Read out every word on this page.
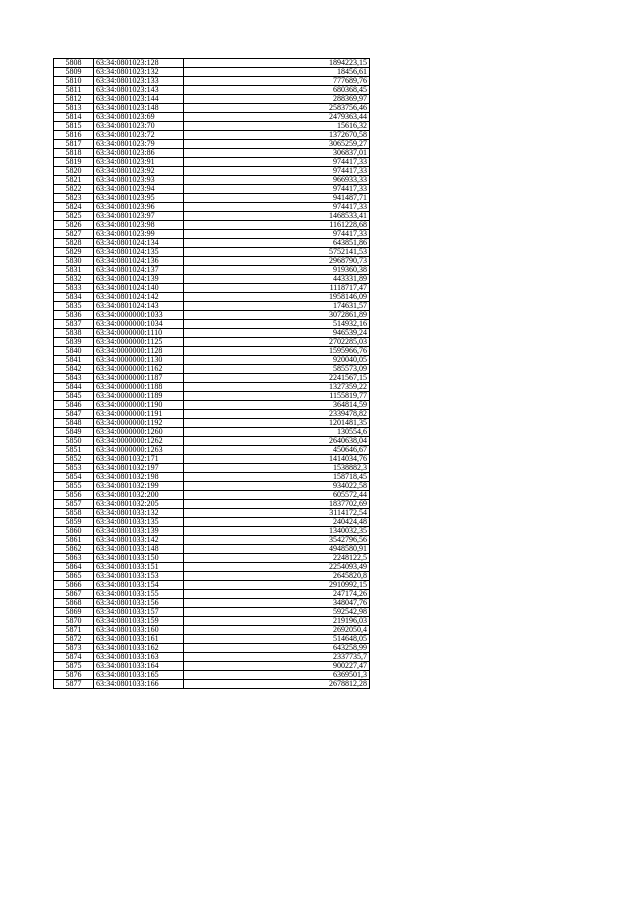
5808	63:34:0801023:128	1894223,15
5809	63:34:0801023:132	18456,61
5810	63:34:0801023:133	777689,76
5811	63:34:0801023:143	680368,45
5812	63:34:0801023:144	288369,97
5813	63:34:0801023:148	2583756,46
5814	63:34:0801023:69	2479363,44
5815	63:34:0801023:70	15616,32
5816	63:34:0801023:72	1372670,58
5817	63:34:0801023:79	3065259,27
5818	63:34:0801023:86	306837,01
5819	63:34:0801023:91	974417,33
5820	63:34:0801023:92	974417,33
5821	63:34:0801023:93	966933,33
5822	63:34:0801023:94	974417,33
5823	63:34:0801023:95	941487,71
5824	63:34:0801023:96	974417,33
5825	63:34:0801023:97	1468533,41
5826	63:34:0801023:98	1161228,68
5827	63:34:0801023:99	974417,33
5828	63:34:0801024:134	643851,86
5829	63:34:0801024:135	5752141,53
5830	63:34:0801024:136	2968790,73
5831	63:34:0801024:137	919360,38
5832	63:34:0801024:139	443331,89
5833	63:34:0801024:140	1118717,47
5834	63:34:0801024:142	1958146,09
5835	63:34:0801024:143	174631,57
5836	63:34:0000000:1033	3072861,89
5837	63:34:0000000:1034	514932,16
5838	63:34:0000000:1110	946539,24
5839	63:34:0000000:1125	2702285,03
5840	63:34:0000000:1128	1595966,76
5841	63:34:0000000:1130	920040,05
5842	63:34:0000000:1162	585573,09
5843	63:34:0000000:1187	2241567,15
5844	63:34:0000000:1188	1327359,22
5845	63:34:0000000:1189	1155819,77
5846	63:34:0000000:1190	364814,59
5847	63:34:0000000:1191	2339478,82
5848	63:34:0000000:1192	1201481,35
5849	63:34:0000000:1260	130554,6
5850	63:34:0000000:1262	2640638,04
5851	63:34:0000000:1263	450646,67
5852	63:34:0801032:171	1414034,76
5853	63:34:0801032:197	1538882,3
5854	63:34:0801032:198	158718,45
5855	63:34:0801032:199	934022,58
5856	63:34:0801032:200	605572,44
5857	63:34:0801032:205	1837702,69
5858	63:34:0801033:132	3114172,54
5859	63:34:0801033:135	240424,48
5860	63:34:0801033:139	1340032,35
5861	63:34:0801033:142	3542796,56
5862	63:34:0801033:148	4948580,91
5863	63:34:0801033:150	2248122,5
5864	63:34:0801033:151	2254093,49
5865	63:34:0801033:153	2645820,8
5866	63:34:0801033:154	2910992,15
5867	63:34:0801033:155	247174,26
5868	63:34:0801033:156	348047,76
5869	63:34:0801033:157	592542,98
5870	63:34:0801033:159	219196,03
5871	63:34:0801033:160	2692050,4
5872	63:34:0801033:161	514648,05
5873	63:34:0801033:162	643258,99
5874	63:34:0801033:163	2337735,7
5875	63:34:0801033:164	900227,47
5876	63:34:0801033:165	6369501,3
5877	63:34:0801033:166	2678812,28
